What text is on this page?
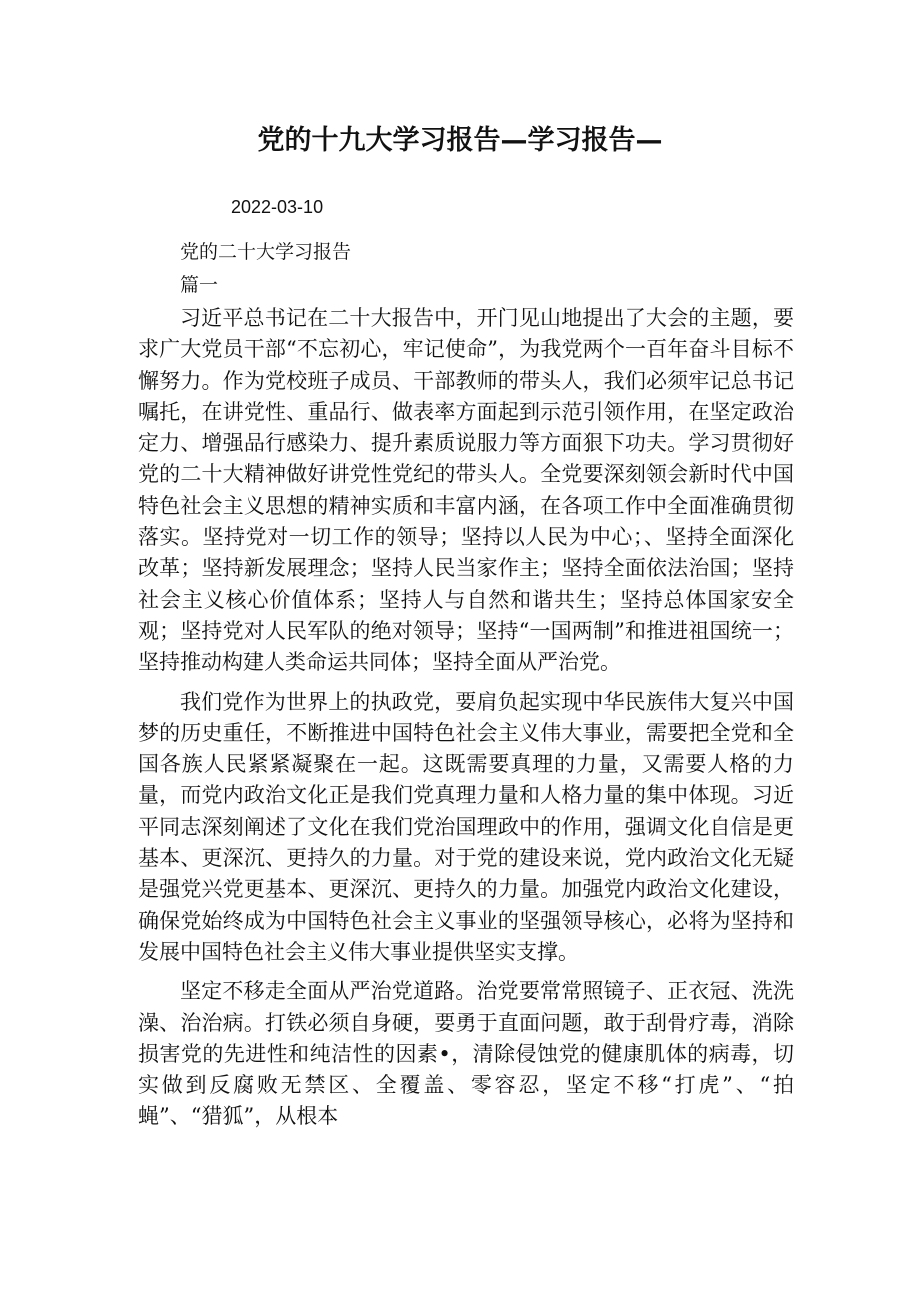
党的十九大学习报告—学习报告—
2022-03-10
党的二十大学习报告
篇一

习近平总书记在二十大报告中，开门见山地提出了大会的主题，要求广大党员干部“不忘初心，牢记使命”，为我党两个一百年奋斗目标不懈努力。作为党校班子成员、干部教师的带头人，我们必须牢记总书记嘱托，在讲党性、重品行、做表率方面起到示范引领作用，在坚定政治定力、增强品行感染力、提升素质说服力等方面狠下功夫。学习贯彻好党的二十大精神做好讲党性党纪的带头人。全党要深刻领会新时代中国特色社会主义思想的精神实质和丰富内涵，在各项工作中全面准确贯彻落实。坚持党对一切工作的领导；坚持以人民为中心；、坚持全面深化改革；坚持新发展理念；坚持人民当家作主；坚持全面依法治国；坚持社会主义核心价值体系；坚持人与自然和谐共生；坚持总体国家安全观；坚持党对人民军队的绝对领导；坚持“一国两制”和推进祖国统一；坚持推动构建人类命运共同体；坚持全面从严治党。

我们党作为世界上的执政党，要肩负起实现中华民族伟大复兴中国梦的历史重任，不断推进中国特色社会主义伟大事业，需要把全党和全国各族人民紧紧凝聚在一起。这既需要真理的力量，又需要人格的力量，而党内政治文化正是我们党真理力量和人格力量的集中体现。习近平同志深刻阐述了文化在我们党治国理政中的作用，强调文化自信是更基本、更深沉、更持久的力量。对于党的建设来说，党内政治文化无疑是强党兴党更基本、更深沉、更持久的力量。加强党内政治文化建设，确保党始终成为中国特色社会主义事业的坚强领导核心，必将为坚持和发展中国特色社会主义伟大事业提供坚实支撑。

坚定不移走全面从严治党道路。治党要常常照镜子、正衣冠、洗洗澡、治治病。打铁必须自身硬，要勇于直面问题，敢于刮骨疗毒，消除损害党的先进性和纯洁性的因素•，清除侵蚀党的健康肌体的病毒，切实做到反腐败无禁区、全覆盖、零容忍，坚定不移“打虎”、“拍蝇”、“猎狐”，从根本
